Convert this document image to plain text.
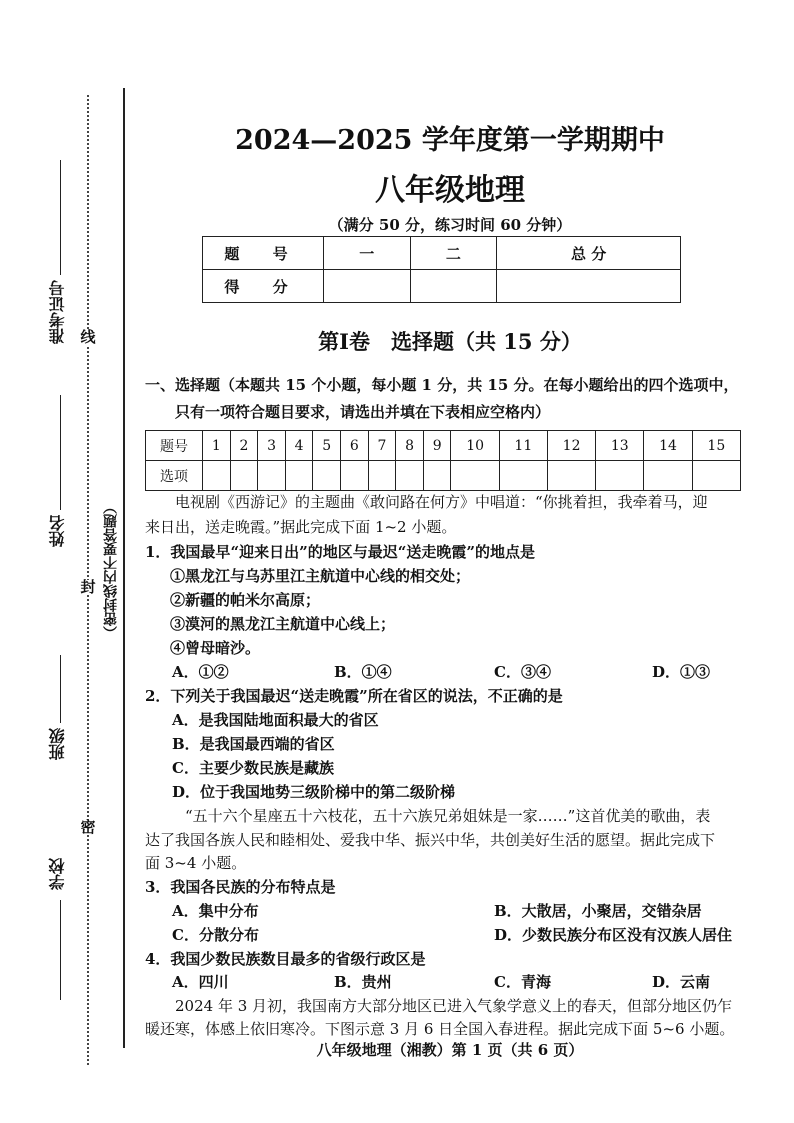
准考证号
姓名
班级
学校
线
封
密
（密封线内不要答题）
2024—2025 学年度第一学期期中
八年级地理
（满分 50 分，练习时间 60 分钟）
题 号	一	二	总 分
得 分			
第Ⅰ卷　选择题（共 15 分）
一、选择题（本题共 15 个小题，每小题 1 分，共 15 分。在每小题给出的四个选项中，
只有一项符合题目要求，请选出并填在下表相应空格内）
题号	1	2	3	4	5	6	7	8	9	10	11	12	13	14	15
选项															
电视剧《西游记》的主题曲《敢问路在何方》中唱道：“你挑着担，我牵着马，迎
来日出，送走晚霞。”据此完成下面 1~2 小题。
1．我国最早“迎来日出”的地区与最迟“送走晚霞”的地点是
①黑龙江与乌苏里江主航道中心线的相交处；
②新疆的帕米尔高原；
③漠河的黑龙江主航道中心线上；
④曾母暗沙。
A．①②	B．①④	C．③④	D．①③
2．下列关于我国最迟“送走晚霞”所在省区的说法，不正确的是
A．是我国陆地面积最大的省区
B．是我国最西端的省区
C．主要少数民族是藏族
D．位于我国地势三级阶梯中的第二级阶梯
“五十六个星座五十六枝花，五十六族兄弟姐妹是一家……”这首优美的歌曲，表
达了我国各族人民和睦相处、爱我中华、振兴中华，共创美好生活的愿望。据此完成下
面 3~4 小题。
3．我国各民族的分布特点是
A．集中分布	B．大散居，小聚居，交错杂居
C．分散分布	D．少数民族分布区没有汉族人居住
4．我国少数民族数目最多的省级行政区是
A．四川	B．贵州	C．青海	D．云南
2024 年 3 月初，我国南方大部分地区已进入气象学意义上的春天，但部分地区仍乍
暖还寒，体感上依旧寒冷。下图示意 3 月 6 日全国入春进程。据此完成下面 5~6 小题。
八年级地理（湘教）第 1 页（共 6 页）
